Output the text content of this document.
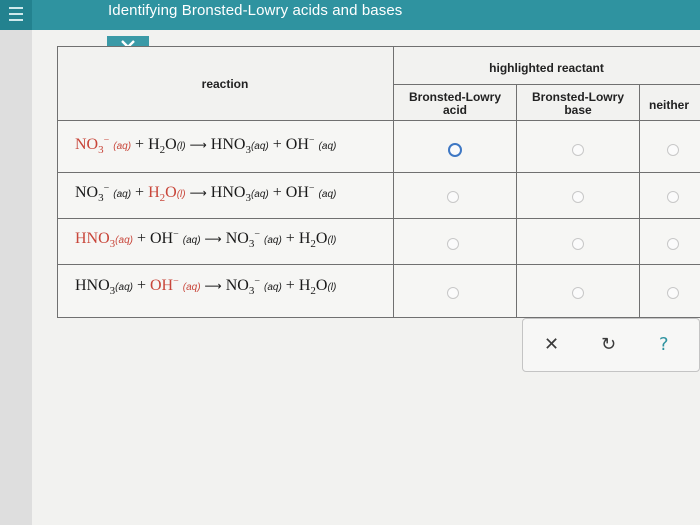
Identifying Bronsted-Lowry acids and bases
reaction
highlighted reactant
Bronsted-Lowry acid
Bronsted-Lowry base	neither
$NO_3^-$ $(aq) + H_2O(l)$ ⟶ $HNO_3(aq) + OH^-$ (aq)
$NO_3^-$ $(aq) + H_2O(l)$ ⟶ $HNO_3(aq) + OH^-$ (aq)
$HNO_3(aq) + OH^-$ (aq) ⟶ $NO_3^-$ $(aq) + H_2O(l)$
$HNO_3(aq) + OH^-$ (aq) ⟶ $NO_3^-$ $(aq) + H_2O(l)$
✕ ↻ ?
